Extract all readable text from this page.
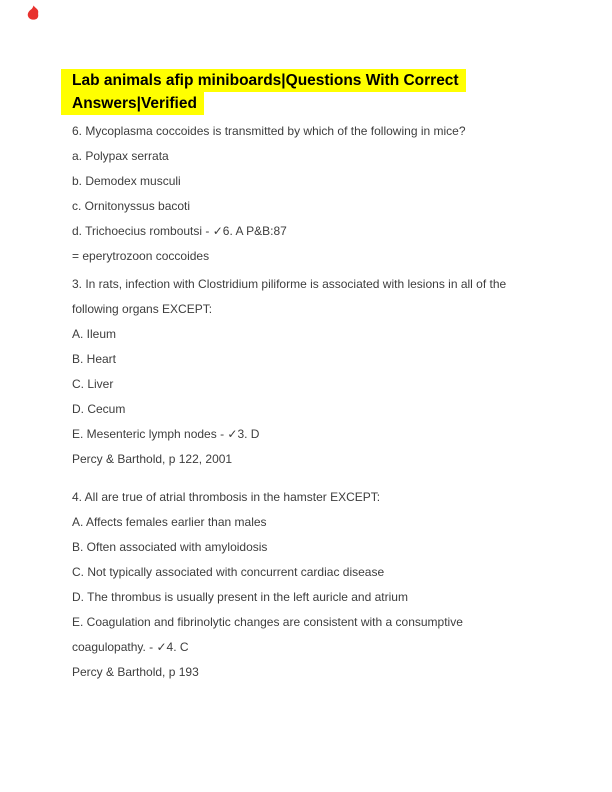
Lab animals afip miniboards|Questions With Correct

Answers|Verified

6. Mycoplasma coccoides is transmitted by which of the following in mice?

a. Polypax serrata

b. Demodex musculi

c. Ornitonyssus bacoti

d. Trichoecius romboutsi - ✓6. A P&B:87

= eperytrozoon coccoides

3. In rats, infection with Clostridium piliforme is associated with lesions in all of the

following organs EXCEPT:

A. Ileum

B. Heart

C. Liver

D. Cecum

E. Mesenteric lymph nodes - ✓3. D

Percy & Barthold, p 122, 2001

4. All are true of atrial thrombosis in the hamster EXCEPT:

A. Affects females earlier than males

B. Often associated with amyloidosis

C. Not typically associated with concurrent cardiac disease

D. The thrombus is usually present in the left auricle and atrium

E. Coagulation and fibrinolytic changes are consistent with a consumptive

coagulopathy. - ✓4. C

Percy & Barthold, p 193
